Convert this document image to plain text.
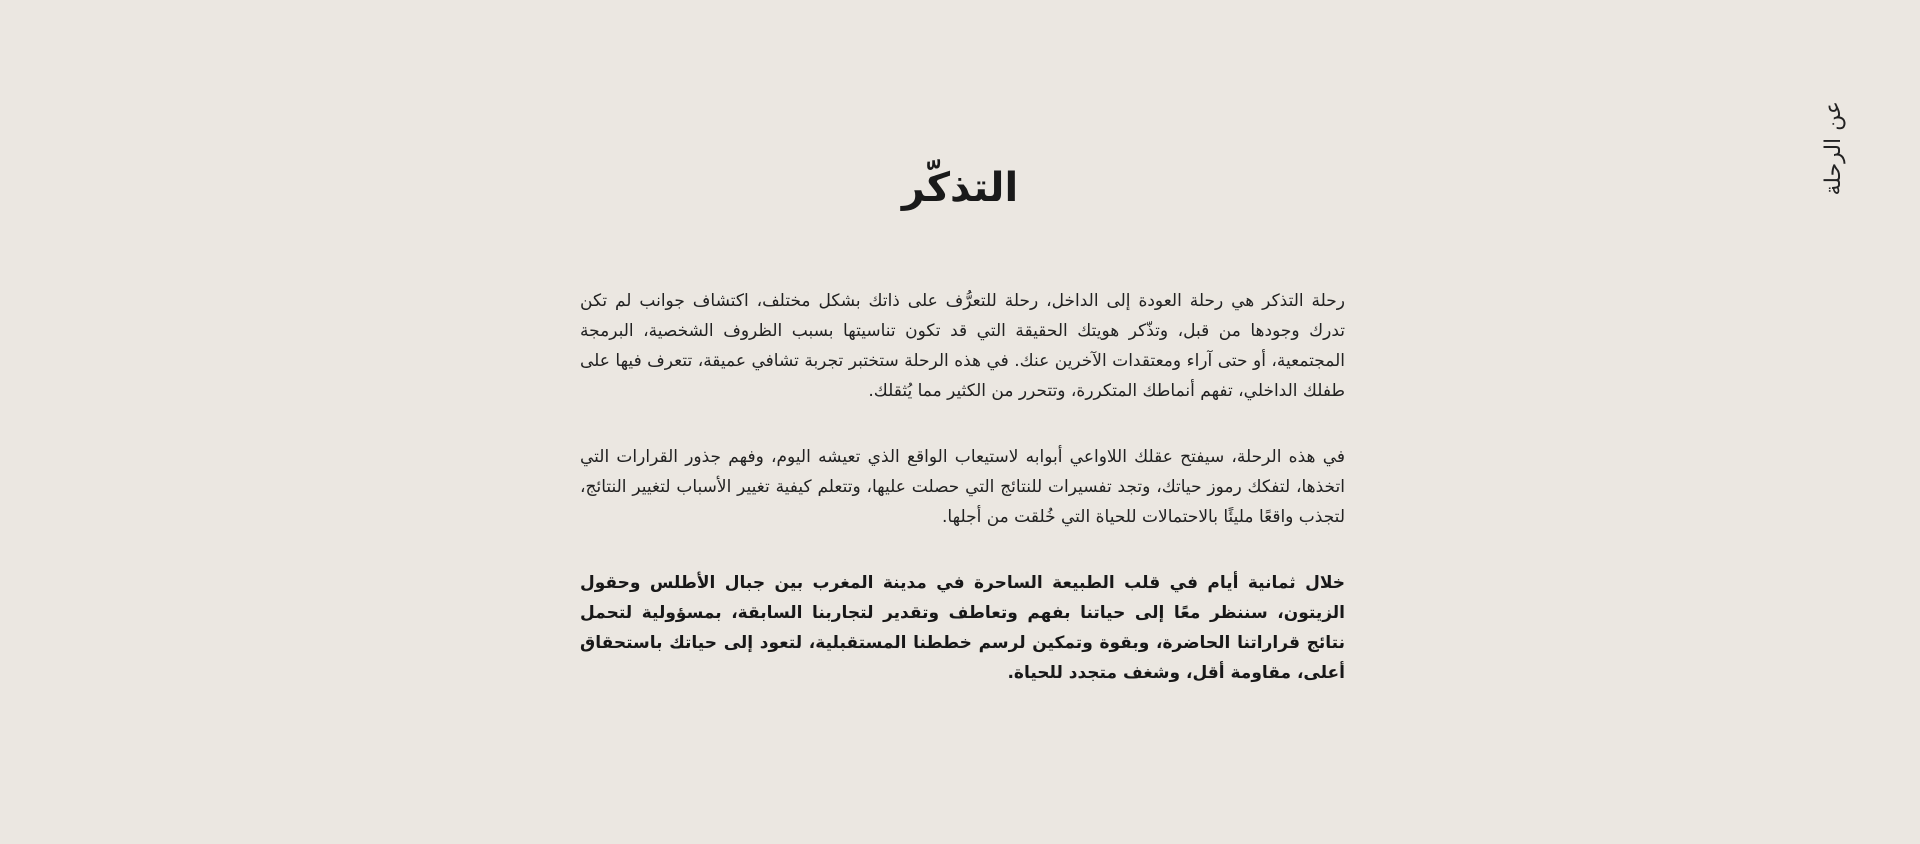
عن الرحلة
التذكّر

رحلة التذكر هي رحلة العودة إلى الداخل، رحلة للتعرُّف على ذاتك بشكل مختلف، اكتشاف جوانب لم تكن تدرك وجودها من قبل، وتذّكر هويتك الحقيقة التي قد تكون تناسيتها بسبب الظروف الشخصية، البرمجة المجتمعية، أو حتى آراء ومعتقدات الآخرين عنك. في هذه الرحلة ستختبر تجربة تشافي عميقة، تتعرف فيها على طفلك الداخلي، تفهم أنماطك المتكررة، وتتحرر من الكثير مما يُثقلك.

في هذه الرحلة، سيفتح عقلك اللاواعي أبوابه لاستيعاب الواقع الذي تعيشه اليوم، وفهم جذور القرارات التي اتخذها، لتفكك رموز حياتك، وتجد تفسيرات للنتائج التي حصلت عليها، وتتعلم كيفية تغيير الأسباب لتغيير النتائج، لتجذب واقعًا مليئًا بالاحتمالات للحياة التي خُلقت من أجلها.

خلال ثمانية أيام في قلب الطبيعة الساحرة في مدينة المغرب بين جبال الأطلس وحقول الزيتون، سننظر معًا إلى حياتنا بفهم وتعاطف وتقدير لتجاربنا السابقة، بمسؤولية لتحمل نتائج قراراتنا الحاضرة، وبقوة وتمكين لرسم خططنا المستقبلية، لتعود إلى حياتك باستحقاق أعلى، مقاومة أقل، وشغف متجدد للحياة.
